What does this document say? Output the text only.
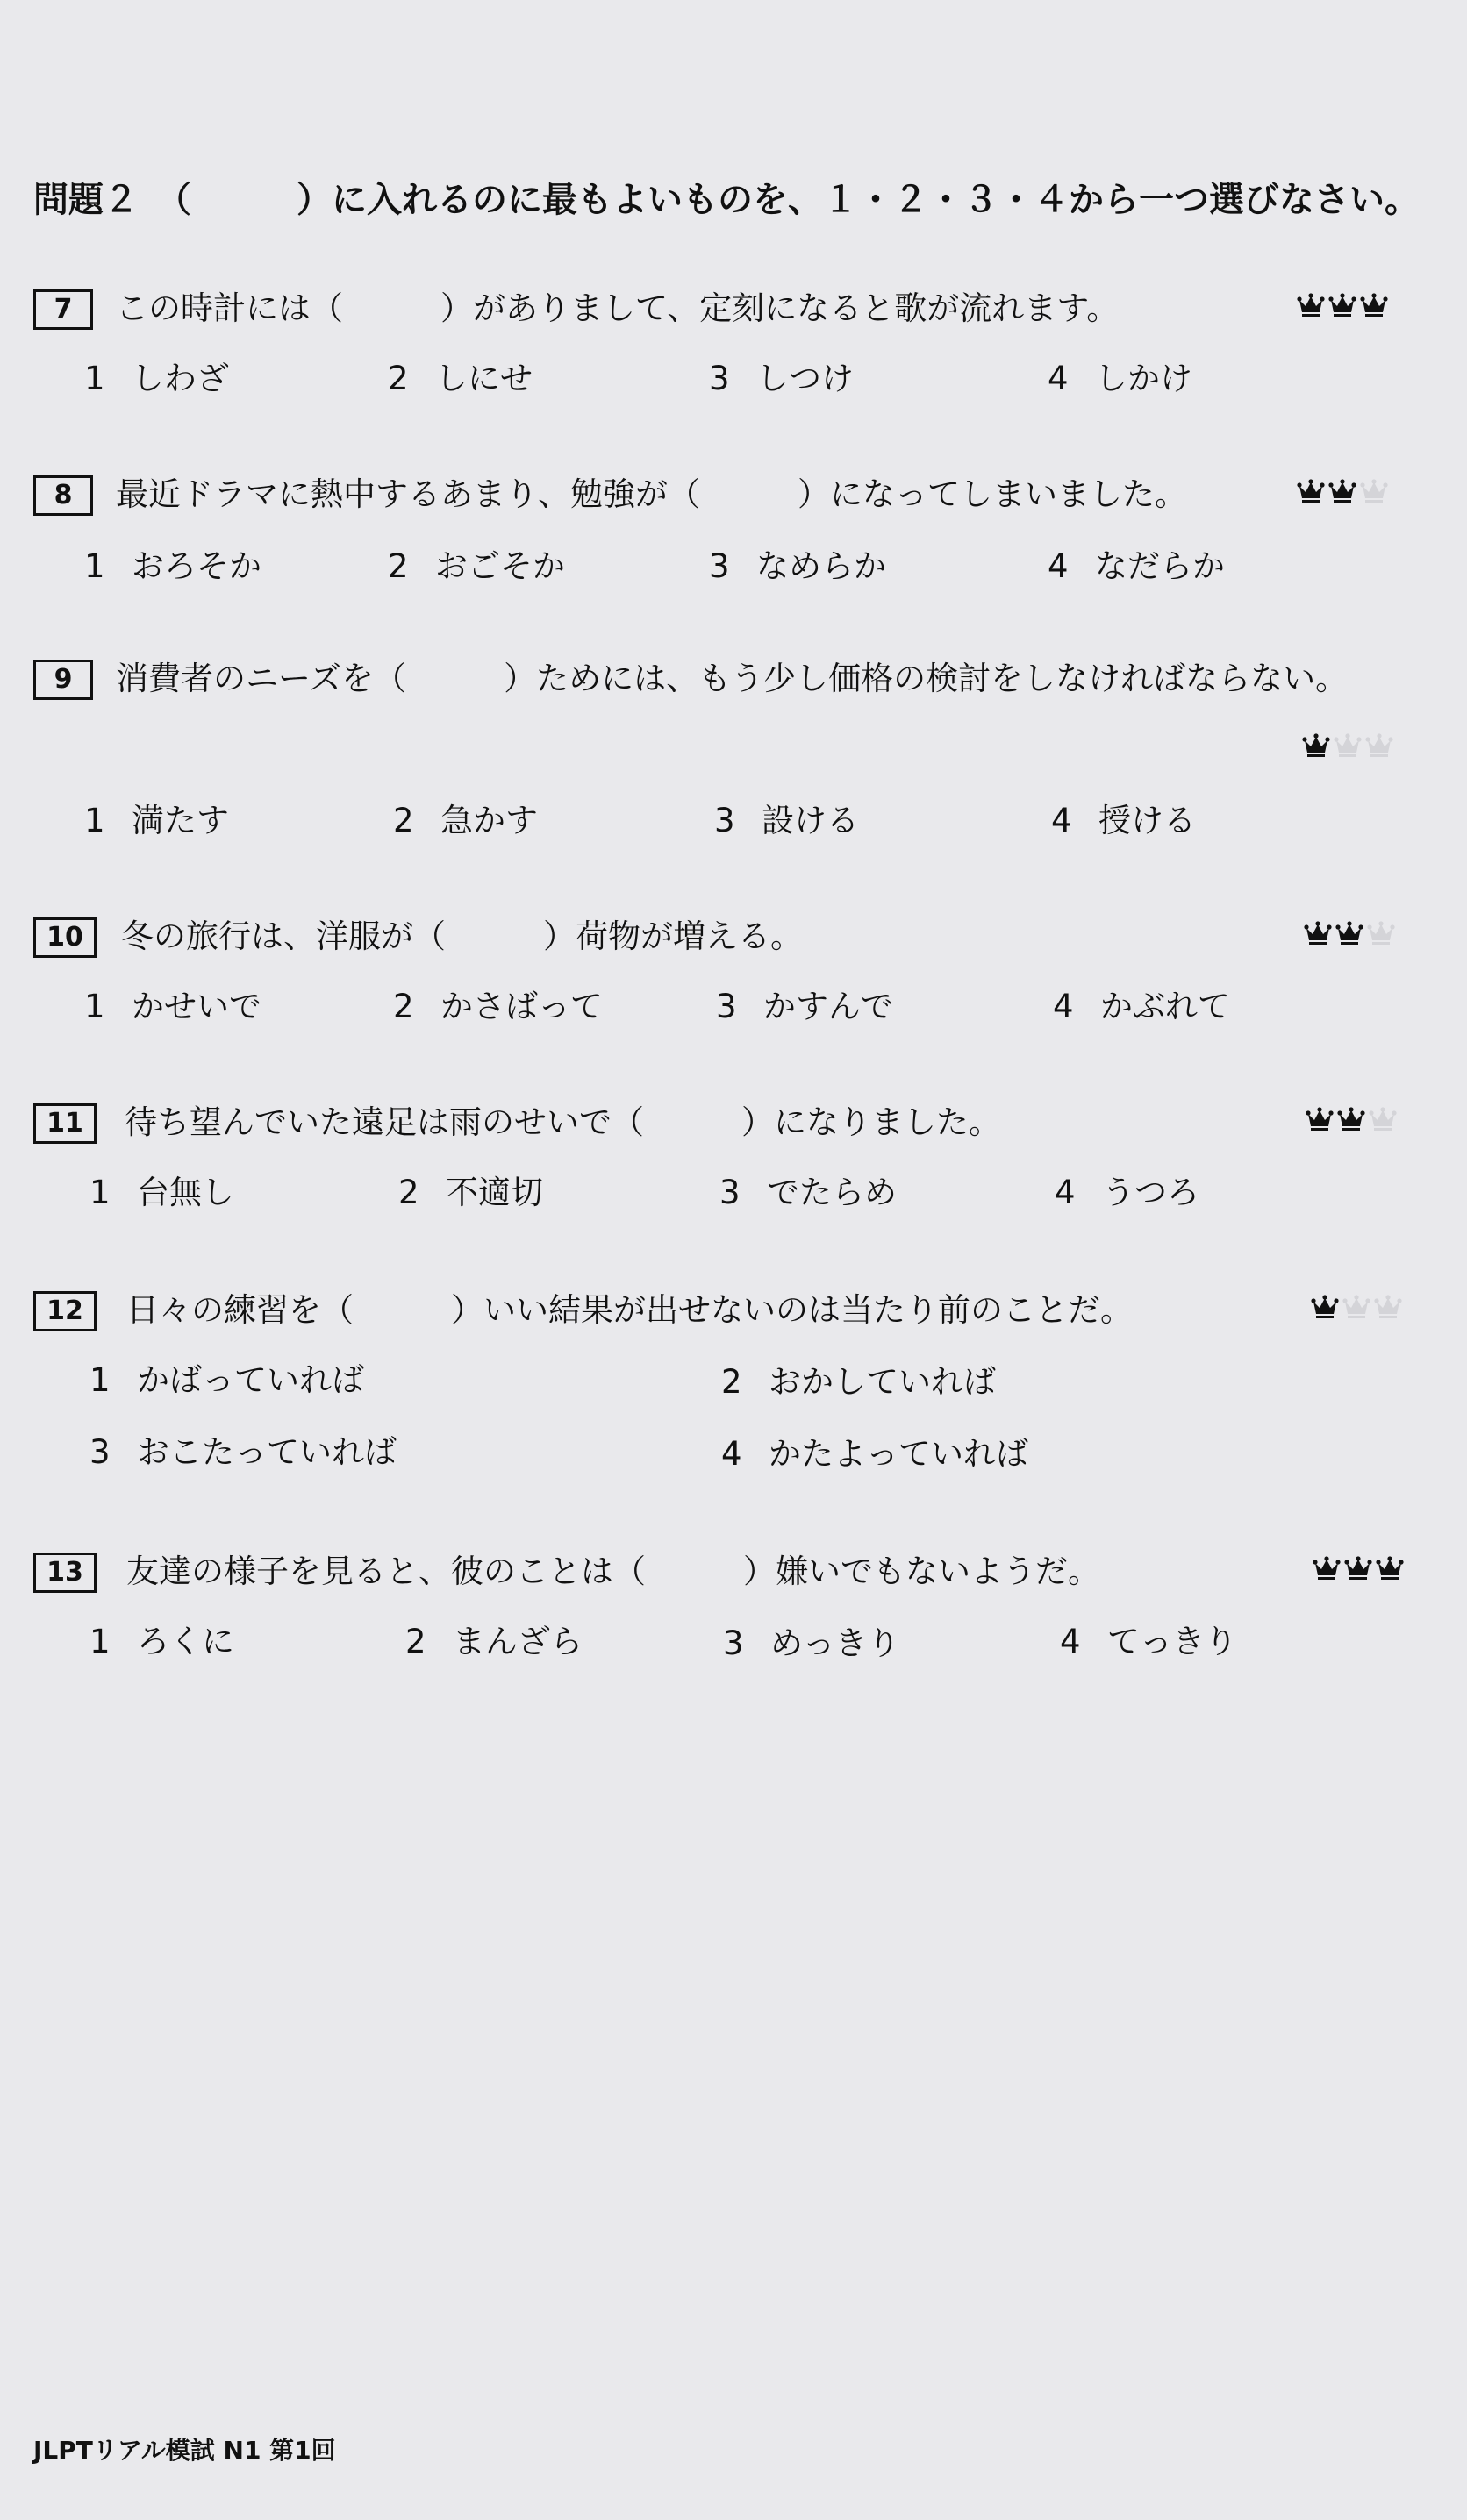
問題２　（　　　）に入れるのに最もよいものを、１・２・３・４から一つ選びなさい。
7	この時計には（　　　）がありまして、定刻になると歌が流れます。
1 しわざ	2 しにせ	3 しつけ	4 しかけ
8	最近ドラマに熱中するあまり、勉強が（　　　）になってしまいました。
1 おろそか	2 おごそか	3 なめらか	4 なだらか
9	消費者のニーズを（　　　）ためには、もう少し価格の検討をしなければならない。
1 満たす	2 急かす	3 設ける	4 授ける
10	冬の旅行は、洋服が（　　　）荷物が増える。
1 かせいで	2 かさばって	3 かすんで	4 かぶれて
11	待ち望んでいた遠足は雨のせいで（　　　）になりました。
1 台無し	2 不適切	3 でたらめ	4 うつろ
12	日々の練習を（　　　）いい結果が出せないのは当たり前のことだ。
1 かばっていれば	2 おかしていれば
3 おこたっていれば	4 かたよっていれば
13	友達の様子を見ると、彼のことは（　　　）嫌いでもないようだ。
1 ろくに	2 まんざら	3 めっきり	4 てっきり
JLPTリアル模試 N1 第1回
